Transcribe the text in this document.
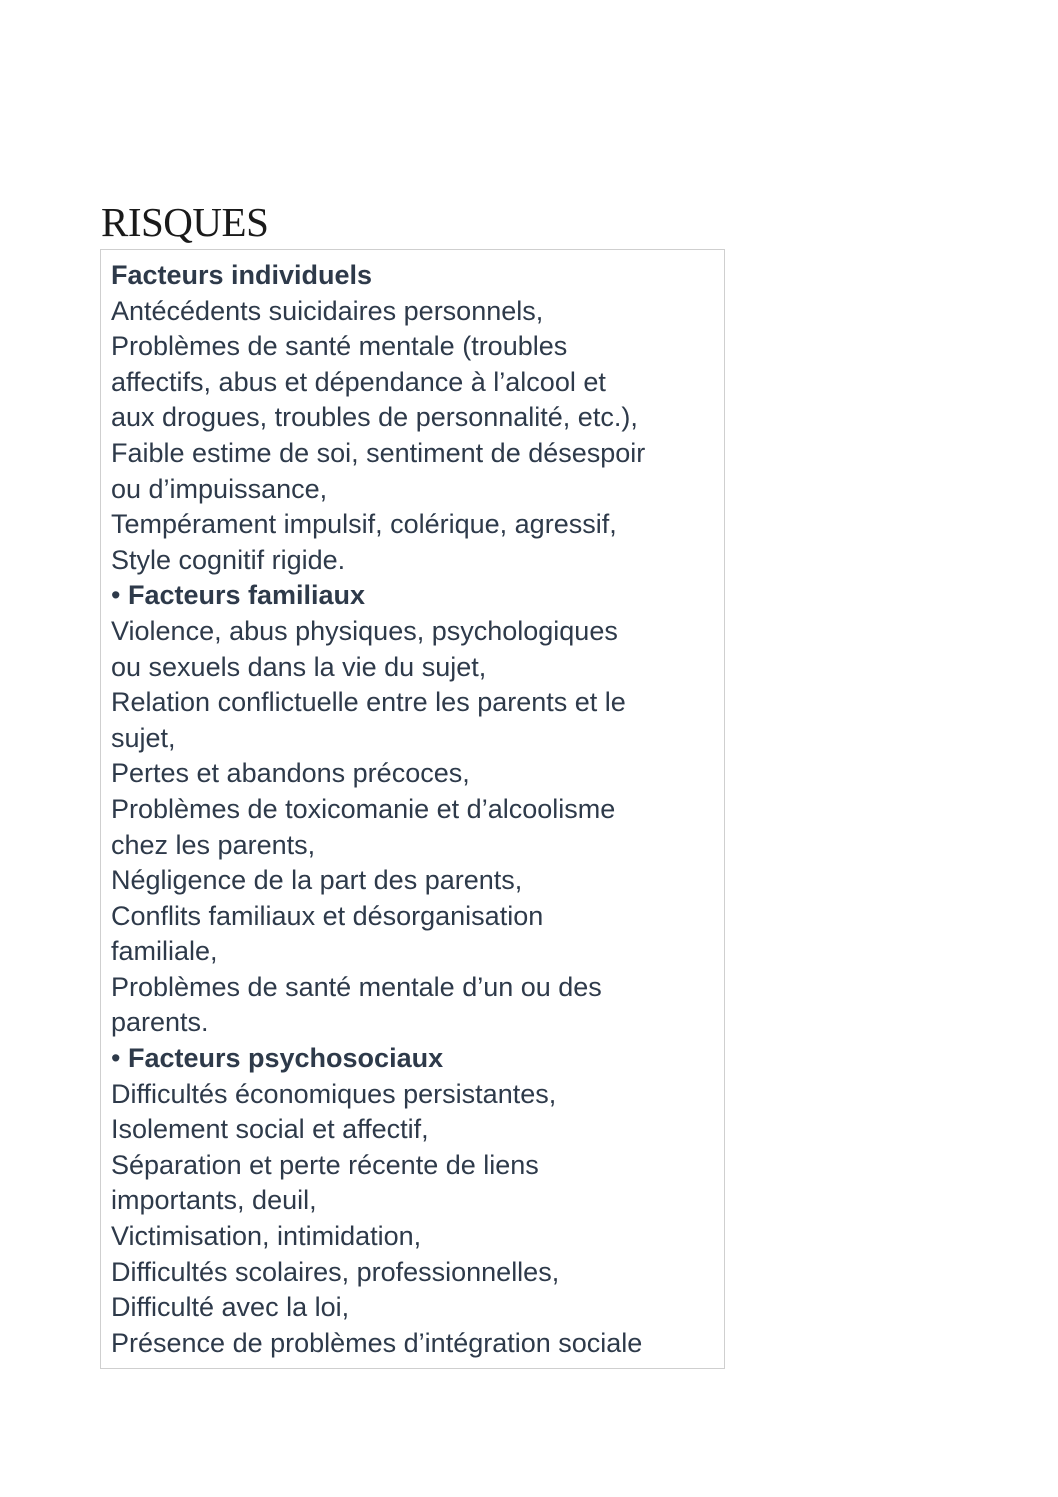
RISQUES
Facteurs individuels
Antécédents suicidaires personnels,
Problèmes de santé mentale (troubles
affectifs, abus et dépendance à l’alcool et
aux drogues, troubles de personnalité, etc.),
Faible estime de soi, sentiment de désespoir
ou d’impuissance,
Tempérament impulsif, colérique, agressif,
Style cognitif rigide.
• Facteurs familiaux
Violence, abus physiques, psychologiques
ou sexuels dans la vie du sujet,
Relation conflictuelle entre les parents et le
sujet,
Pertes et abandons précoces,
Problèmes de toxicomanie et d’alcoolisme
chez les parents,
Négligence de la part des parents,
Conflits familiaux et désorganisation
familiale,
Problèmes de santé mentale d’un ou des
parents.
• Facteurs psychosociaux
Difficultés économiques persistantes,
Isolement social et affectif,
Séparation et perte récente de liens
importants, deuil,
Victimisation, intimidation,
Difficultés scolaires, professionnelles,
Difficulté avec la loi,
Présence de problèmes d’intégration sociale
